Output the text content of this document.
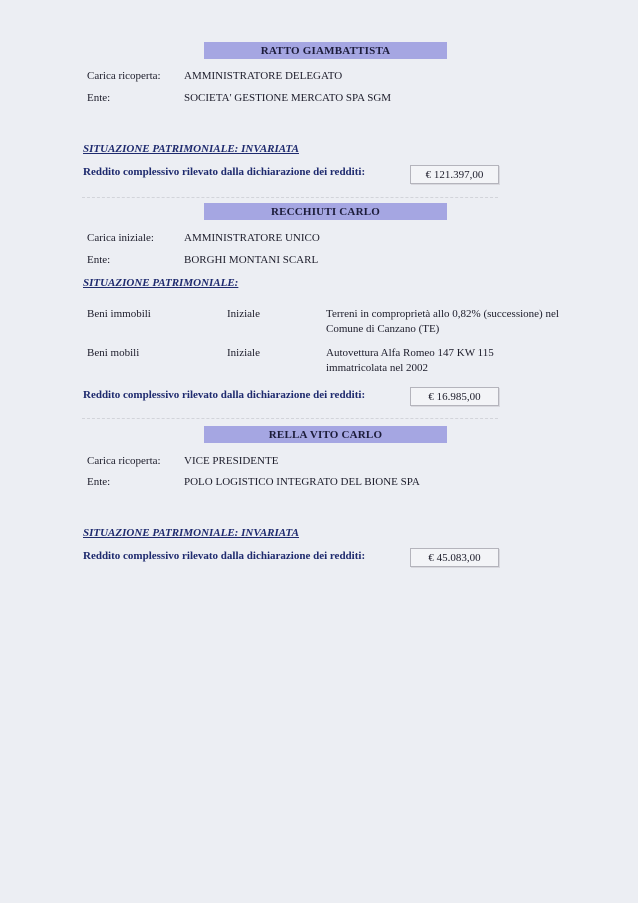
RATTO GIAMBATTISTA
Carica ricoperta: AMMINISTRATORE DELEGATO
Ente:	SOCIETA' GESTIONE MERCATO SPA SGM
SITUAZIONE PATRIMONIALE: INVARIATA
Reddito complessivo rilevato dalla dichiarazione dei redditi:	€ 121.397,00
RECCHIUTI CARLO
Carica iniziale:	AMMINISTRATORE UNICO
Ente:	BORGHI MONTANI SCARL
SITUAZIONE PATRIMONIALE:
Beni immobili	Iniziale	Terreni in comproprietà allo 0,82% (successione) nel Comune di Canzano (TE)
Beni mobili	Iniziale	Autovettura Alfa Romeo 147 KW 115 immatricolata nel 2002
Reddito complessivo rilevato dalla dichiarazione dei redditi:	€ 16.985,00
RELLA VITO CARLO
Carica ricoperta: VICE PRESIDENTE
Ente:	POLO LOGISTICO INTEGRATO DEL BIONE SPA
SITUAZIONE PATRIMONIALE: INVARIATA
Reddito complessivo rilevato dalla dichiarazione dei redditi:	€ 45.083,00
